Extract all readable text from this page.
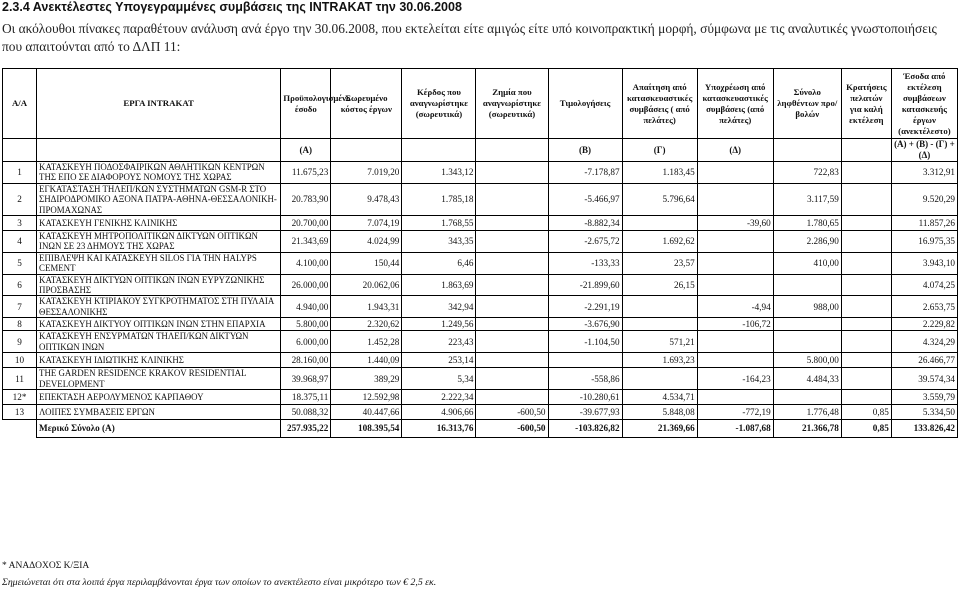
2.3.4 Ανεκτέλεστες Υπογεγραμμένες συμβάσεις της INTRAKAT την 30.06.2008
Οι ακόλουθοι πίνακες παραθέτουν ανάλυση ανά έργο την 30.06.2008, που εκτελείται είτε αμιγώς είτε υπό κοινοπρακτική μορφή, σύμφωνα με τις αναλυτικές γνωστοποιήσεις που απαιτούνται από το ΔΛΠ 11:
Α/Α	ΕΡΓΑ INTRAKAT	Προϋπολογισμένο έσοδο	Σωρευμένο κόστος έργων	Κέρδος που αναγνωρίστηκε (σωρευτικά)	Ζημία που αναγνωρίστηκε (σωρευτικά)	Τιμολογήσεις	Απαίτηση από κατασκευαστικές συμβάσεις ( από πελάτες)	Υποχρέωση από κατασκευαστικές συμβάσεις (από πελάτες)	Σύνολο ληφθέντων προ/βολών	Κρατήσεις πελατών για καλή εκτέλεση	Έσοδα από εκτέλεση συμβάσεων κατασκευής έργων (ανεκτέλεστο)
		(Α)				(Β)	(Γ)	(Δ)			(Α) + (Β) - (Γ) + (Δ)
1	ΚΑΤΑΣΚΕΥΗ ΠΟΔΟΣΦΑΙΡΙΚΩΝ ΑΘΛΗΤΙΚΩΝ ΚΕΝΤΡΩΝ ΤΗΣ ΕΠΟ ΣΕ ΔΙΑΦΟΡΟΥΣ ΝΟΜΟΥΣ ΤΗΣ ΧΩΡΑΣ	11.675,23	7.019,20	1.343,12		-7.178,87	1.183,45		722,83		3.312,91
2	ΕΓΚΑΤΑΣΤΑΣΗ ΤΗΛΕΠ/ΚΩΝ ΣΥΣΤΗΜΑΤΩΝ GSM-R ΣΤΟ ΣΗΔΙΡΟΔΡΟΜΙΚΟ ΑΞΟΝΑ ΠΑΤΡΑ-ΑΘΗΝΑ-ΘΕΣΣΑΛΟΝΙΚΗ-ΠΡΟΜΑΧΩΝΑΣ	20.783,90	9.478,43	1.785,18		-5.466,97	5.796,64		3.117,59		9.520,29
3	ΚΑΤΑΣΚΕΥΗ ΓΕΝΙΚΗΣ ΚΛΙΝΙΚΗΣ	20.700,00	7.074,19	1.768,55		-8.882,34		-39,60	1.780,65		11.857,26
4	ΚΑΤΑΣΚΕΥΗ ΜΗΤΡΟΠΟΛΙΤΙΚΩΝ ΔΙΚΤΥΩΝ ΟΠΤΙΚΩΝ ΙΝΩΝ ΣΕ 23 ΔΗΜΟΥΣ ΤΗΣ ΧΩΡΑΣ	21.343,69	4.024,99	343,35		-2.675,72	1.692,62		2.286,90		16.975,35
5	ΕΠΙΒΛΕΨΗ ΚΑΙ ΚΑΤΑΣΚΕΥΗ SILOS ΓΙΑ ΤΗΝ HALYPS CEMENT	4.100,00	150,44	6,46		-133,33	23,57		410,00		3.943,10
6	ΚΑΤΑΣΚΕΥΗ ΔΙΚΤΥΩΝ ΟΠΤΙΚΩΝ ΙΝΩΝ ΕΥΡΥΖΩΝΙΚΗΣ ΠΡΟΣΒΑΣΗΣ	26.000,00	20.062,06	1.863,69		-21.899,60	26,15				4.074,25
7	ΚΑΤΑΣΚΕΥΗ ΚΤΙΡΙΑΚΟΥ ΣΥΓΚΡΟΤΗΜΑΤΟΣ ΣΤΗ ΠΥΛΑΙΑ ΘΕΣΣΑΛΟΝΙΚΗΣ	4.940,00	1.943,31	342,94		-2.291,19		-4,94	988,00		2.653,75
8	ΚΑΤΑΣΚΕΥΗ ΔΙΚΤΥΟΥ ΟΠΤΙΚΩΝ ΙΝΩΝ ΣΤΗΝ ΕΠΑΡΧΙΑ	5.800,00	2.320,62	1.249,56		-3.676,90		-106,72			2.229,82
9	ΚΑΤΑΣΚΕΥΗ ΕΝΣΥΡΜΑΤΩΝ ΤΗΛΕΠ/ΚΩΝ ΔΙΚΤΥΩΝ ΟΠΤΙΚΩΝ ΙΝΩΝ	6.000,00	1.452,28	223,43		-1.104,50	571,21				4.324,29
10	ΚΑΤΑΣΚΕΥΗ ΙΔΙΩΤΙΚΗΣ ΚΛΙΝΙΚΗΣ	28.160,00	1.440,09	253,14			1.693,23		5.800,00		26.466,77
11	THE GARDEN RESIDENCE KRAKOV RESIDENTIAL DEVELOPMENT	39.968,97	389,29	5,34		-558,86		-164,23	4.484,33		39.574,34
12*	ΕΠΕΚΤΑΣΗ ΑΕΡΟΛΥΜΕΝΟΣ ΚΑΡΠΑΘΟΥ	18.375,11	12.592,98	2.222,34		-10.280,61	4.534,71				3.559,79
13	ΛΟΙΠΕΣ ΣΥΜΒΑΣΕΙΣ ΕΡΓΩΝ	50.088,32	40.447,66	4.906,66	-600,50	-39.677,93	5.848,08	-772,19	1.776,48	0,85	5.334,50
	Μερικό Σύνολο (Α)	257.935,22	108.395,54	16.313,76	-600,50	-103.826,82	21.369,66	-1.087,68	21.366,78	0,85	133.826,42
* ΑΝΑΔΟΧΟΣ Κ/ΞΙΑ
Σημειώνεται ότι στα λοιπά έργα περιλαμβάνονται έργα των οποίων το ανεκτέλεστο είναι μικρότερο των € 2,5 εκ.
